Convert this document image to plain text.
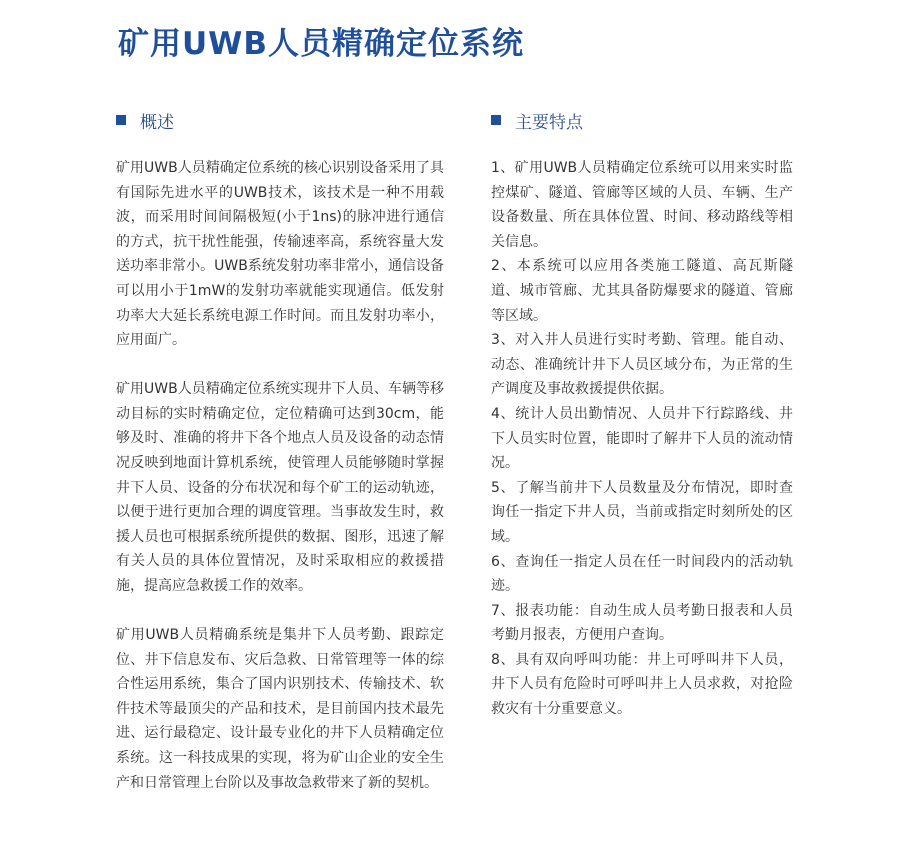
矿用UWB人员精确定位系统
概述

矿用UWB人员精确定位系统的核心识别设备采用了具有国际先进水平的UWB技术，该技术是一种不用载波，而采用时间间隔极短(小于1ns)的脉冲进行通信的方式，抗干扰性能强，传输速率高，系统容量大发送功率非常小。UWB系统发射功率非常小，通信设备可以用小于1mW的发射功率就能实现通信。低发射功率大大延长系统电源工作时间。而且发射功率小，应用面广。

矿用UWB人员精确定位系统实现井下人员、车辆等移动目标的实时精确定位，定位精确可达到30cm，能够及时、准确的将井下各个地点人员及设备的动态情况反映到地面计算机系统，使管理人员能够随时掌握井下人员、设备的分布状况和每个矿工的运动轨迹，以便于进行更加合理的调度管理。当事故发生时，救援人员也可根据系统所提供的数据、图形，迅速了解有关人员的具体位置情况，及时采取相应的救援措施，提高应急救援工作的效率。

矿用UWB人员精确系统是集井下人员考勤、跟踪定位、井下信息发布、灾后急救、日常管理等一体的综合性运用系统，集合了国内识别技术、传输技术、软件技术等最顶尖的产品和技术，是目前国内技术最先进、运行最稳定、设计最专业化的井下人员精确定位系统。这一科技成果的实现，将为矿山企业的安全生产和日常管理上台阶以及事故急救带来了新的契机。

主要特点

1、矿用UWB人员精确定位系统可以用来实时监控煤矿、隧道、管廊等区域的人员、车辆、生产设备数量、所在具体位置、时间、移动路线等相关信息。

2、本系统可以应用各类施工隧道、高瓦斯隧道、城市管廊、尤其具备防爆要求的隧道、管廊等区域。

3、对入井人员进行实时考勤、管理。能自动、动态、准确统计井下人员区域分布，为正常的生产调度及事故救援提供依据。

4、统计人员出勤情况、人员井下行踪路线、井下人员实时位置，能即时了解井下人员的流动情况。

5、了解当前井下人员数量及分布情况，即时查询任一指定下井人员，当前或指定时刻所处的区域。

6、查询任一指定人员在任一时间段内的活动轨迹。

7、报表功能：自动生成人员考勤日报表和人员考勤月报表，方便用户查询。

8、具有双向呼叫功能：井上可呼叫井下人员，井下人员有危险时可呼叫井上人员求救，对抢险救灾有十分重要意义。
